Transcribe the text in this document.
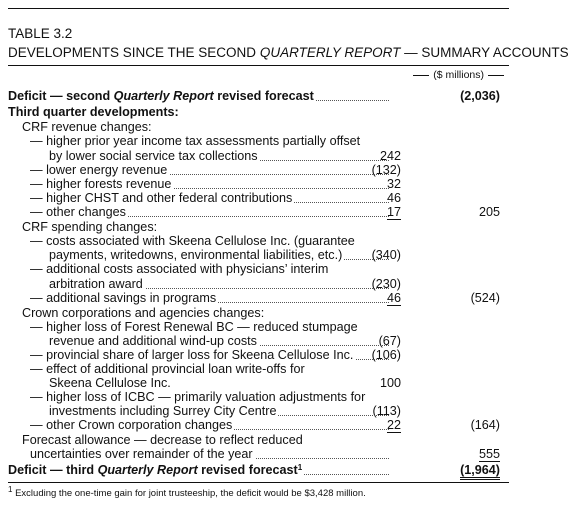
TABLE 3.2
DEVELOPMENTS SINCE THE SECOND QUARTERLY REPORT — SUMMARY ACCOUNTS
($ millions)
Deficit — second Quarterly Report revised forecast	(2,036)
Third quarter developments:
CRF revenue changes:
— higher prior year income tax assessments partially offset
by lower social service tax collections	242
— lower energy revenue	(132)
— higher forests revenue	32
— higher CHST and other federal contributions	46
— other changes	17	205
CRF spending changes:
— costs associated with Skeena Cellulose Inc. (guarantee
payments, writedowns, environmental liabilities, etc.)	(340)
— additional costs associated with physicians’ interim
arbitration award	(230)
— additional savings in programs	46	(524)
Crown corporations and agencies changes:
— higher loss of Forest Renewal BC — reduced stumpage
revenue and additional wind-up costs	(67)
— provincial share of larger loss for Skeena Cellulose Inc.	(106)
— effect of additional provincial loan write-offs for
Skeena Cellulose Inc.	100
— higher loss of ICBC — primarily valuation adjustments for
investments including Surrey City Centre	(113)
— other Crown corporation changes	22	(164)
Forecast allowance — decrease to reflect reduced
uncertainties over remainder of the year	555
Deficit — third Quarterly Report revised forecast$^1$	(1,964)
$^1$ Excluding the one-time gain for joint trusteeship, the deficit would be $3,428 million.
